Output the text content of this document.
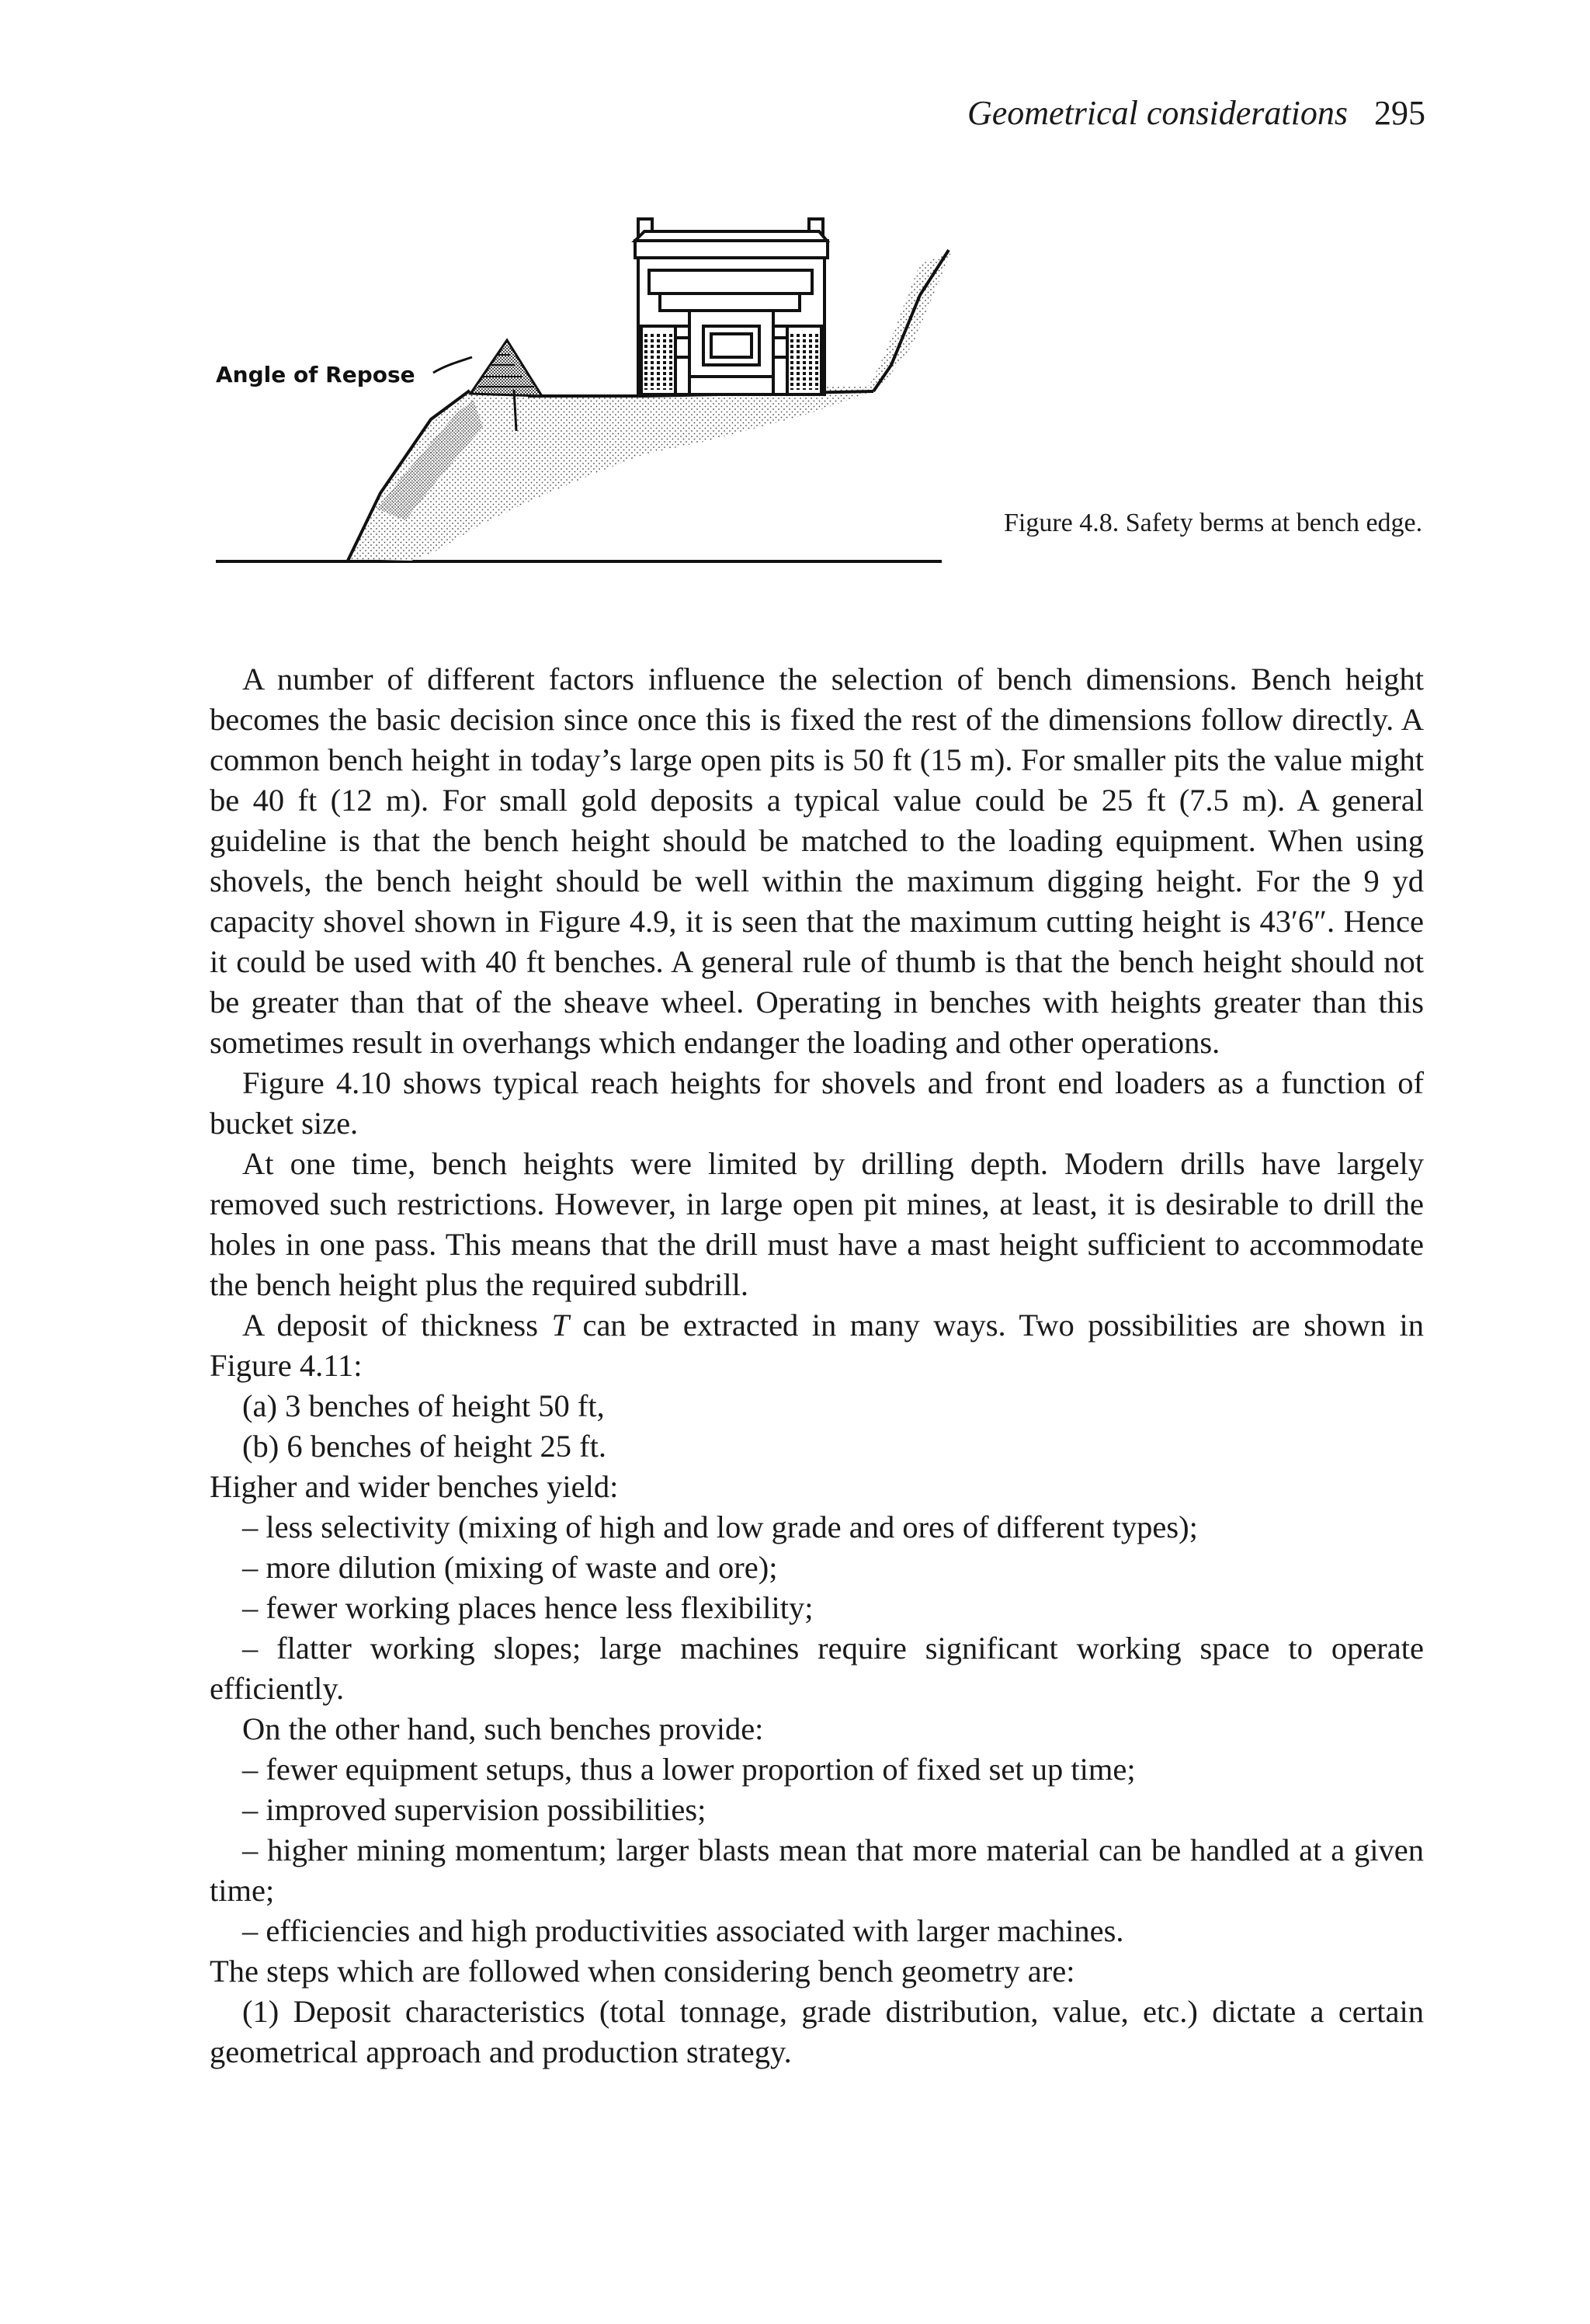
Geometrical considerations 295
Angle of Repose
Figure 4.8. Safety berms at bench edge.

A number of different factors influence the selection of bench dimensions. Bench height becomes the basic decision since once this is fixed the rest of the dimensions follow directly. A common bench height in today’s large open pits is 50 ft (15 m). For smaller pits the value might be 40 ft (12 m). For small gold deposits a typical value could be 25 ft (7.5 m). A general guideline is that the bench height should be matched to the loading equipment. When using shovels, the bench height should be well within the maximum digging height. For the 9 yd capacity shovel shown in Figure 4.9, it is seen that the maximum cutting height is 43′6″. Hence it could be used with 40 ft benches. A general rule of thumb is that the bench height should not be greater than that of the sheave wheel. Operating in benches with heights greater than this sometimes result in overhangs which endanger the loading and other operations.

Figure 4.10 shows typical reach heights for shovels and front end loaders as a function of bucket size.

At one time, bench heights were limited by drilling depth. Modern drills have largely removed such restrictions. However, in large open pit mines, at least, it is desirable to drill the holes in one pass. This means that the drill must have a mast height sufficient to accommodate the bench height plus the required subdrill.

A deposit of thickness T can be extracted in many ways. Two possibilities are shown in Figure 4.11:

(a) 3 benches of height 50 ft,

(b) 6 benches of height 25 ft.

Higher and wider benches yield:

– less selectivity (mixing of high and low grade and ores of different types);

– more dilution (mixing of waste and ore);

– fewer working places hence less flexibility;

– flatter working slopes; large machines require significant working space to operate efficiently.

On the other hand, such benches provide:

– fewer equipment setups, thus a lower proportion of fixed set up time;

– improved supervision possibilities;

– higher mining momentum; larger blasts mean that more material can be handled at a given time;

– efficiencies and high productivities associated with larger machines.

The steps which are followed when considering bench geometry are:

(1) Deposit characteristics (total tonnage, grade distribution, value, etc.) dictate a certain geometrical approach and production strategy.
